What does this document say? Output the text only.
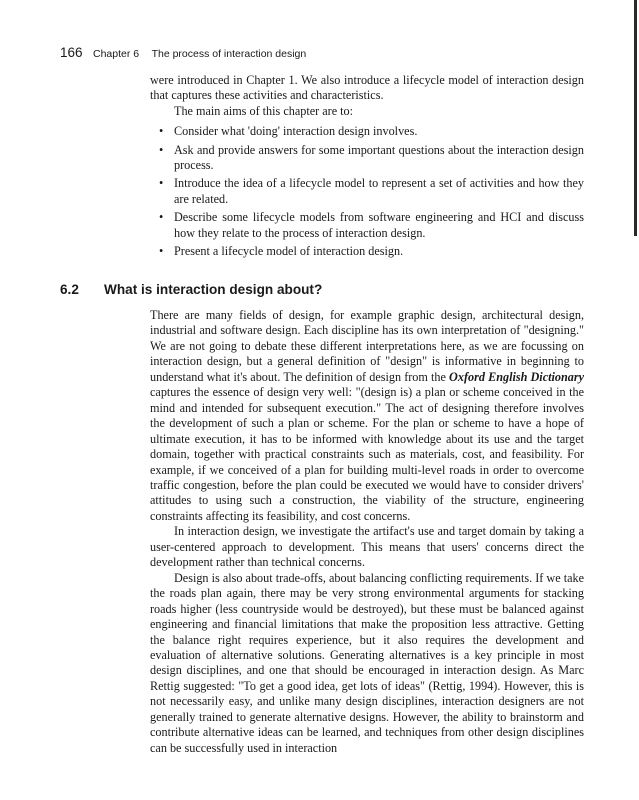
166 Chapter 6 The process of interaction design

were introduced in Chapter 1. We also introduce a lifecycle model of interaction design that captures these activities and characteristics.

The main aims of this chapter are to:

• Consider what 'doing' interaction design involves.
• Ask and provide answers for some important questions about the interaction design process.
• Introduce the idea of a lifecycle model to represent a set of activities and how they are related.
• Describe some lifecycle models from software engineering and HCI and discuss how they relate to the process of interaction design.
• Present a lifecycle model of interaction design.
6.2 What is interaction design about?

There are many fields of design, for example graphic design, architectural design, industrial and software design. Each discipline has its own interpretation of "designing." We are not going to debate these different interpretations here, as we are focussing on interaction design, but a general definition of "design" is informative in beginning to understand what it's about. The definition of design from the Oxford English Dictionary captures the essence of design very well: "(design is) a plan or scheme conceived in the mind and intended for subsequent execution." The act of designing therefore involves the development of such a plan or scheme. For the plan or scheme to have a hope of ultimate execution, it has to be informed with knowledge about its use and the target domain, together with practical constraints such as materials, cost, and feasibility. For example, if we conceived of a plan for building multi-level roads in order to overcome traffic congestion, before the plan could be executed we would have to consider drivers' attitudes to using such a construction, the viability of the structure, engineering constraints affecting its feasibility, and cost concerns.

In interaction design, we investigate the artifact's use and target domain by taking a user-centered approach to development. This means that users' concerns direct the development rather than technical concerns.

Design is also about trade-offs, about balancing conflicting requirements. If we take the roads plan again, there may be very strong environmental arguments for stacking roads higher (less countryside would be destroyed), but these must be balanced against engineering and financial limitations that make the proposition less attractive. Getting the balance right requires experience, but it also requires the development and evaluation of alternative solutions. Generating alternatives is a key principle in most design disciplines, and one that should be encouraged in interaction design. As Marc Rettig suggested: "To get a good idea, get lots of ideas" (Rettig, 1994). However, this is not necessarily easy, and unlike many design disciplines, interaction designers are not generally trained to generate alternative designs. However, the ability to brainstorm and contribute alternative ideas can be learned, and techniques from other design disciplines can be successfully used in interaction
